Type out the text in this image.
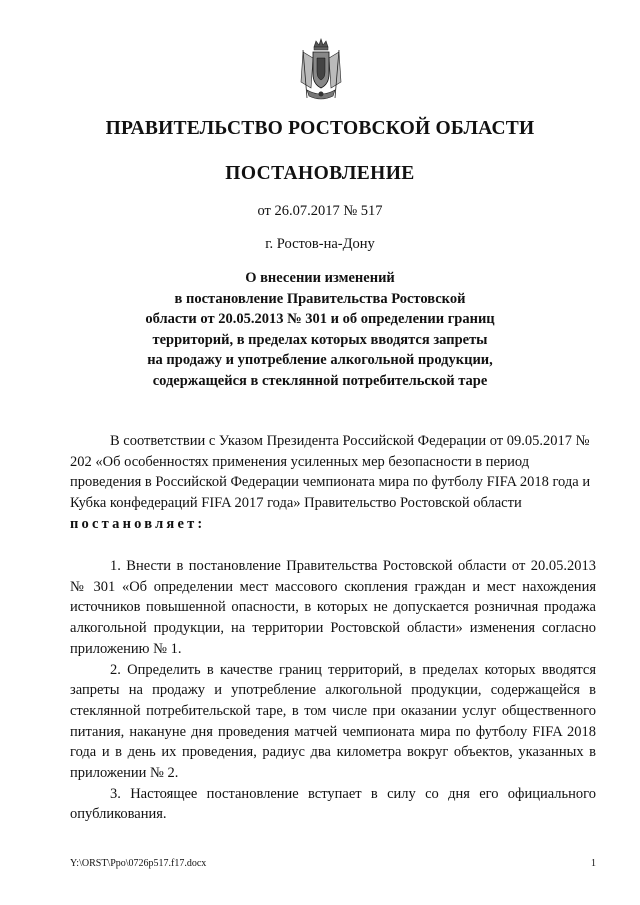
ПРАВИТЕЛЬСТВО РОСТОВСКОЙ ОБЛАСТИ
ПОСТАНОВЛЕНИЕ
от 26.07.2017 № 517
г. Ростов-на-Дону
О внесении изменений
в постановление Правительства Ростовской
области от 20.05.2013 № 301 и об определении границ
территорий, в пределах которых вводятся запреты
на продажу и употребление алкогольной продукции,
содержащейся в стеклянной потребительской таре

В соответствии с Указом Президента Российской Федерации от 09.05.2017 № 202 «Об особенностях применения усиленных мер безопасности в период проведения в Российской Федерации чемпионата мира по футболу FIFA 2018 года и Кубка конфедераций FIFA 2017 года» Правительство Ростовской области постановляет:

1. Внести в постановление Правительства Ростовской области от 20.05.2013 № 301 «Об определении мест массового скопления граждан и мест нахождения источников повышенной опасности, в которых не допускается розничная продажа алкогольной продукции, на территории Ростовской области» изменения согласно приложению № 1.

2. Определить в качестве границ территорий, в пределах которых вводятся запреты на продажу и употребление алкогольной продукции, содержащейся в стеклянной потребительской таре, в том числе при оказании услуг общественного питания, накануне дня проведения матчей чемпионата мира по футболу FIFA 2018 года и в день их проведения, радиус два километра вокруг объектов, указанных в приложении № 2.

3. Настоящее постановление вступает в силу со дня его официального опубликования.

Y:\ORST\Ppo\0726p517.f17.docx	1
